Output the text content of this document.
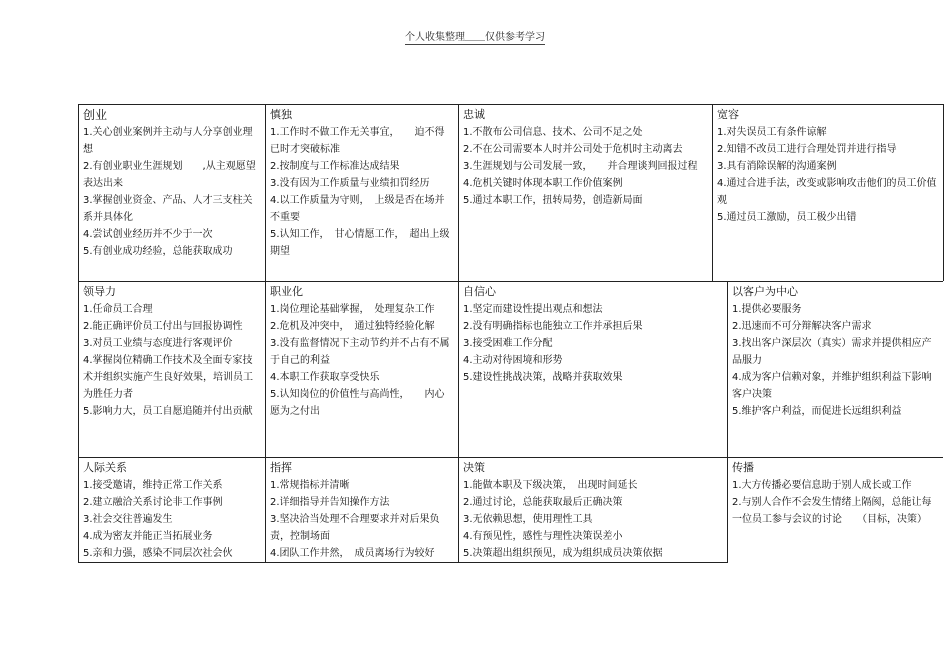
个人收集整理＿＿仅供参考学习
创业

1.关心创业案例并主动与人分享创业理想

2.有创业职业生涯规划　　,从主观愿望表达出来

3.掌握创业资金、产品、人才三支柱关系并具体化

4.尝试创业经历并不少于一次

5.有创业成功经验，总能获取成功

慎独

1.工作时不做工作无关事宜，　　迫不得已时才突破标准

2.按制度与工作标准达成结果

3.没有因为工作质量与业绩扣罚经历

4.以工作质量为守则，　上级是否在场并不重要

5.认知工作，　甘心情愿工作，　超出上级期望

忠诚

1.不散布公司信息、技术、公司不足之处

2.不在公司需要本人时并公司处于危机时主动离去

3.生涯规划与公司发展一致，　　并合理谈判回报过程

4.危机关键时体现本职工作价值案例

5.通过本职工作，扭转局势，创造新局面

宽容

1.对失误员工有条件谅解

2.知错不改员工进行合理处罚并进行指导

3.具有消除误解的沟通案例

4.通过合进手法，改变或影响攻击他们的员工价值观

5.通过员工激励，员工极少出错

领导力

1.任命员工合理

2.能正确评价员工付出与回报协调性

3.对员工业绩与态度进行客观评价

4.掌握岗位精确工作技术及全面专家技术并组织实施产生良好效果，培训员工为胜任力者

5.影响力大，员工自愿追随并付出贡献

职业化

1.岗位理论基础掌握，　处理复杂工作

2.危机及冲突中，　通过独特经验化解

3.没有监督情况下主动节约并不占有不属于自己的利益

4.本职工作获取享受快乐

5.认知岗位的价值性与高尚性，　　内心愿为之付出

自信心

1.坚定而建设性提出观点和想法

2.没有明确指标也能独立工作并承担后果

3.接受困难工作分配

4.主动对待困境和形势

5.建设性挑战决策，战略并获取效果

以客户为中心

1.提供必要服务

2.迅速而不可分辩解决客户需求

3.找出客户深层次（真实）需求并提供相应产品服力

4.成为客户信赖对象，并维护组织利益下影响客户决策

5.维护客户利益，而促进长远组织利益

人际关系

1.接受邀请，维持正常工作关系

2.建立融洽关系讨论非工作事例

3.社会交往普遍发生

4.成为密友并能正当拓展业务

5.亲和力强，感染不同层次社会伙

指挥

1.常规指标并清晰

2.详细指导并告知操作方法

3.坚决洽当处理不合理要求并对后果负责，控制场面

4.团队工作井然，　成员离场行为较好

决策

1.能做本职及下级决策，　出现时间延长

2.通过讨论，总能获取最后正确决策

3.无依赖思想，使用理性工具

4.有预见性，感性与理性决策误差小

5.决策超出组织预见，成为组织成员决策依据

传播

1.大方传播必要信息助于别人成长或工作

2.与别人合作不会发生情绪上隔阂，总能让每一位员工参与会议的讨论　　（目标，决策）
